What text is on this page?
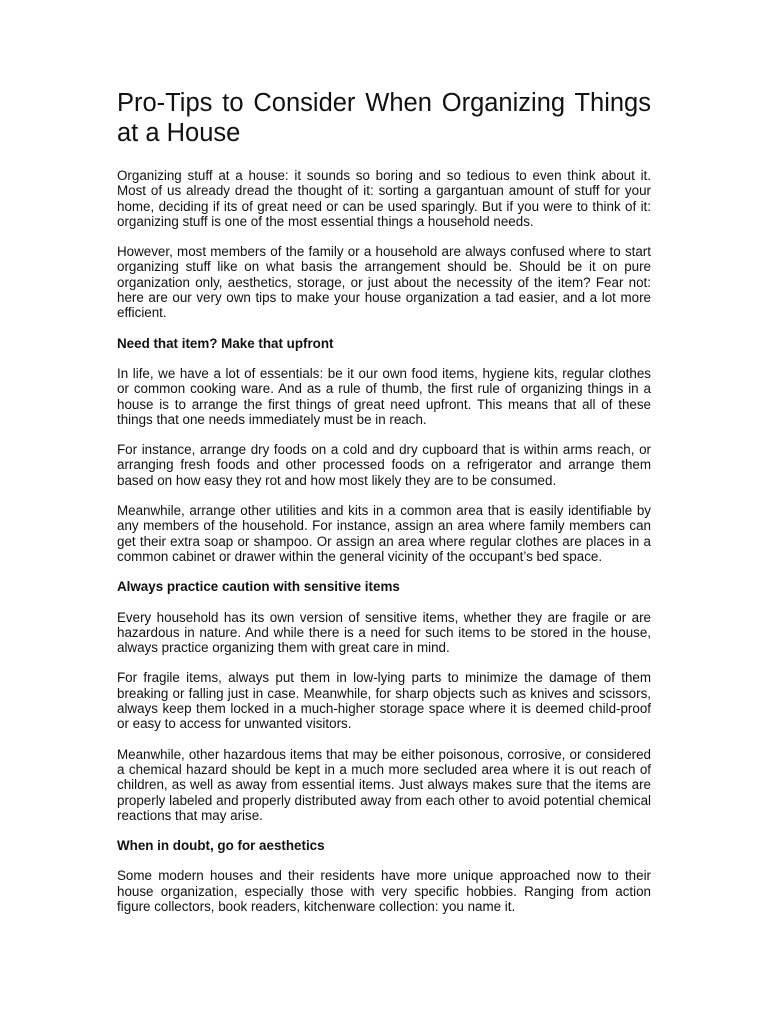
Pro-Tips to Consider When Organizing Things at a House

Organizing stuff at a house: it sounds so boring and so tedious to even think about it. Most of us already dread the thought of it: sorting a gargantuan amount of stuff for your home, deciding if its of great need or can be used sparingly. But if you were to think of it: organizing stuff is one of the most essential things a household needs.

However, most members of the family or a household are always confused where to start organizing stuff like on what basis the arrangement should be. Should be it on pure organization only, aesthetics, storage, or just about the necessity of the item? Fear not: here are our very own tips to make your house organization a tad easier, and a lot more efficient.

Need that item? Make that upfront

In life, we have a lot of essentials: be it our own food items, hygiene kits, regular clothes or common cooking ware. And as a rule of thumb, the first rule of organizing things in a house is to arrange the first things of great need upfront. This means that all of these things that one needs immediately must be in reach.

For instance, arrange dry foods on a cold and dry cupboard that is within arms reach, or arranging fresh foods and other processed foods on a refrigerator and arrange them based on how easy they rot and how most likely they are to be consumed.

Meanwhile, arrange other utilities and kits in a common area that is easily identifiable by any members of the household. For instance, assign an area where family members can get their extra soap or shampoo. Or assign an area where regular clothes are places in a common cabinet or drawer within the general vicinity of the occupant’s bed space.

Always practice caution with sensitive items

Every household has its own version of sensitive items, whether they are fragile or are hazardous in nature. And while there is a need for such items to be stored in the house, always practice organizing them with great care in mind.

For fragile items, always put them in low-lying parts to minimize the damage of them breaking or falling just in case. Meanwhile, for sharp objects such as knives and scissors, always keep them locked in a much-higher storage space where it is deemed child-proof or easy to access for unwanted visitors.

Meanwhile, other hazardous items that may be either poisonous, corrosive, or considered a chemical hazard should be kept in a much more secluded area where it is out reach of children, as well as away from essential items. Just always makes sure that the items are properly labeled and properly distributed away from each other to avoid potential chemical reactions that may arise.

When in doubt, go for aesthetics

Some modern houses and their residents have more unique approached now to their house organization, especially those with very specific hobbies. Ranging from action figure collectors, book readers, kitchenware collection: you name it.
